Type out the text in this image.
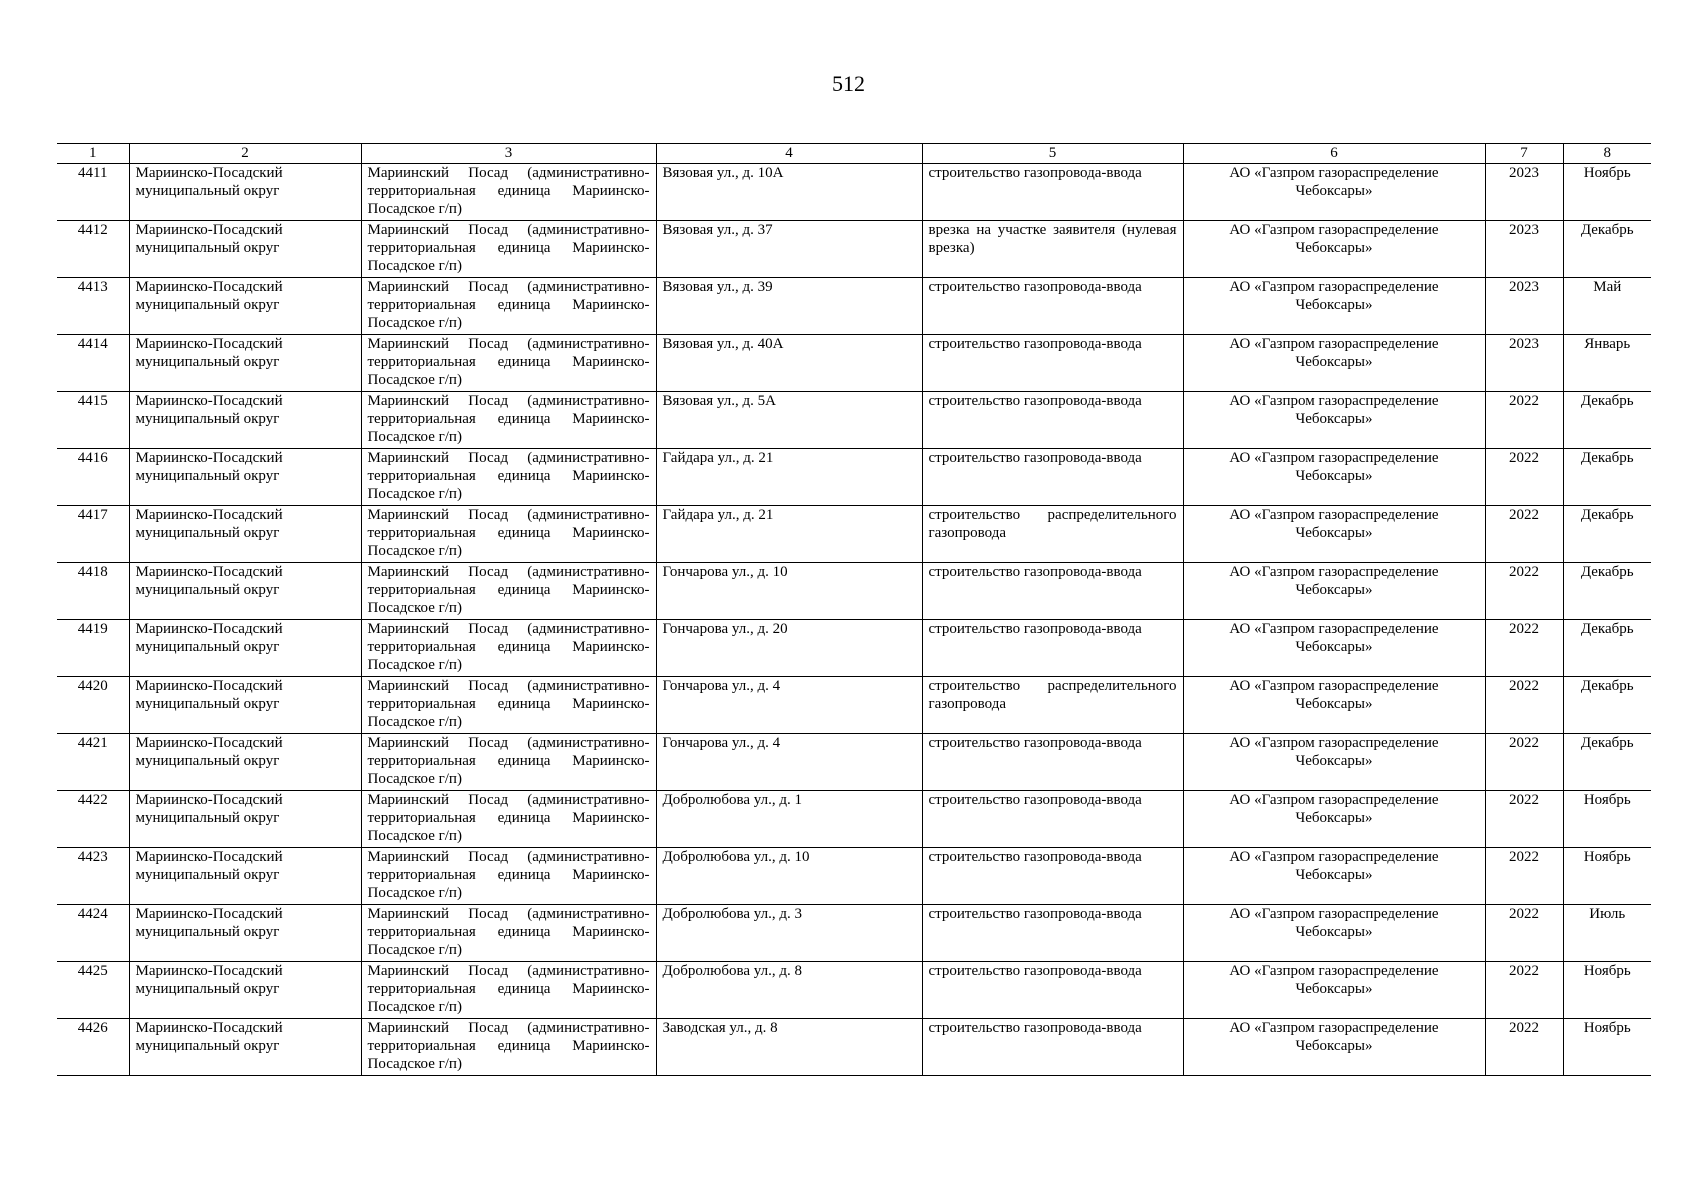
512
1	2	3	4	5	6	7	8
4411	Мариинско-Посадский муниципальный округ	Мариинский Посад (административно-территориальная единица Мариинско-Посадское г/п)	Вязовая ул., д. 10А	строительство газопровода-ввода	АО «Газпром газораспределение Чебоксары»	2023	Ноябрь
4412	Мариинско-Посадский муниципальный округ	Мариинский Посад (административно-территориальная единица Мариинско-Посадское г/п)	Вязовая ул., д. 37	врезка на участке заявителя (нулевая врезка)	АО «Газпром газораспределение Чебоксары»	2023	Декабрь
4413	Мариинско-Посадский муниципальный округ	Мариинский Посад (административно-территориальная единица Мариинско-Посадское г/п)	Вязовая ул., д. 39	строительство газопровода-ввода	АО «Газпром газораспределение Чебоксары»	2023	Май
4414	Мариинско-Посадский муниципальный округ	Мариинский Посад (административно-территориальная единица Мариинско-Посадское г/п)	Вязовая ул., д. 40А	строительство газопровода-ввода	АО «Газпром газораспределение Чебоксары»	2023	Январь
4415	Мариинско-Посадский муниципальный округ	Мариинский Посад (административно-территориальная единица Мариинско-Посадское г/п)	Вязовая ул., д. 5А	строительство газопровода-ввода	АО «Газпром газораспределение Чебоксары»	2022	Декабрь
4416	Мариинско-Посадский муниципальный округ	Мариинский Посад (административно-территориальная единица Мариинско-Посадское г/п)	Гайдара ул., д. 21	строительство газопровода-ввода	АО «Газпром газораспределение Чебоксары»	2022	Декабрь
4417	Мариинско-Посадский муниципальный округ	Мариинский Посад (административно-территориальная единица Мариинско-Посадское г/п)	Гайдара ул., д. 21	строительство распределительного газопровода	АО «Газпром газораспределение Чебоксары»	2022	Декабрь
4418	Мариинско-Посадский муниципальный округ	Мариинский Посад (административно-территориальная единица Мариинско-Посадское г/п)	Гончарова ул., д. 10	строительство газопровода-ввода	АО «Газпром газораспределение Чебоксары»	2022	Декабрь
4419	Мариинско-Посадский муниципальный округ	Мариинский Посад (административно-территориальная единица Мариинско-Посадское г/п)	Гончарова ул., д. 20	строительство газопровода-ввода	АО «Газпром газораспределение Чебоксары»	2022	Декабрь
4420	Мариинско-Посадский муниципальный округ	Мариинский Посад (административно-территориальная единица Мариинско-Посадское г/п)	Гончарова ул., д. 4	строительство распределительного газопровода	АО «Газпром газораспределение Чебоксары»	2022	Декабрь
4421	Мариинско-Посадский муниципальный округ	Мариинский Посад (административно-территориальная единица Мариинско-Посадское г/п)	Гончарова ул., д. 4	строительство газопровода-ввода	АО «Газпром газораспределение Чебоксары»	2022	Декабрь
4422	Мариинско-Посадский муниципальный округ	Мариинский Посад (административно-территориальная единица Мариинско-Посадское г/п)	Добролюбова ул., д. 1	строительство газопровода-ввода	АО «Газпром газораспределение Чебоксары»	2022	Ноябрь
4423	Мариинско-Посадский муниципальный округ	Мариинский Посад (административно-территориальная единица Мариинско-Посадское г/п)	Добролюбова ул., д. 10	строительство газопровода-ввода	АО «Газпром газораспределение Чебоксары»	2022	Ноябрь
4424	Мариинско-Посадский муниципальный округ	Мариинский Посад (административно-территориальная единица Мариинско-Посадское г/п)	Добролюбова ул., д. 3	строительство газопровода-ввода	АО «Газпром газораспределение Чебоксары»	2022	Июль
4425	Мариинско-Посадский муниципальный округ	Мариинский Посад (административно-территориальная единица Мариинско-Посадское г/п)	Добролюбова ул., д. 8	строительство газопровода-ввода	АО «Газпром газораспределение Чебоксары»	2022	Ноябрь
4426	Мариинско-Посадский муниципальный округ	Мариинский Посад (административно-территориальная единица Мариинско-Посадское г/п)	Заводская ул., д. 8	строительство газопровода-ввода	АО «Газпром газораспределение Чебоксары»	2022	Ноябрь
